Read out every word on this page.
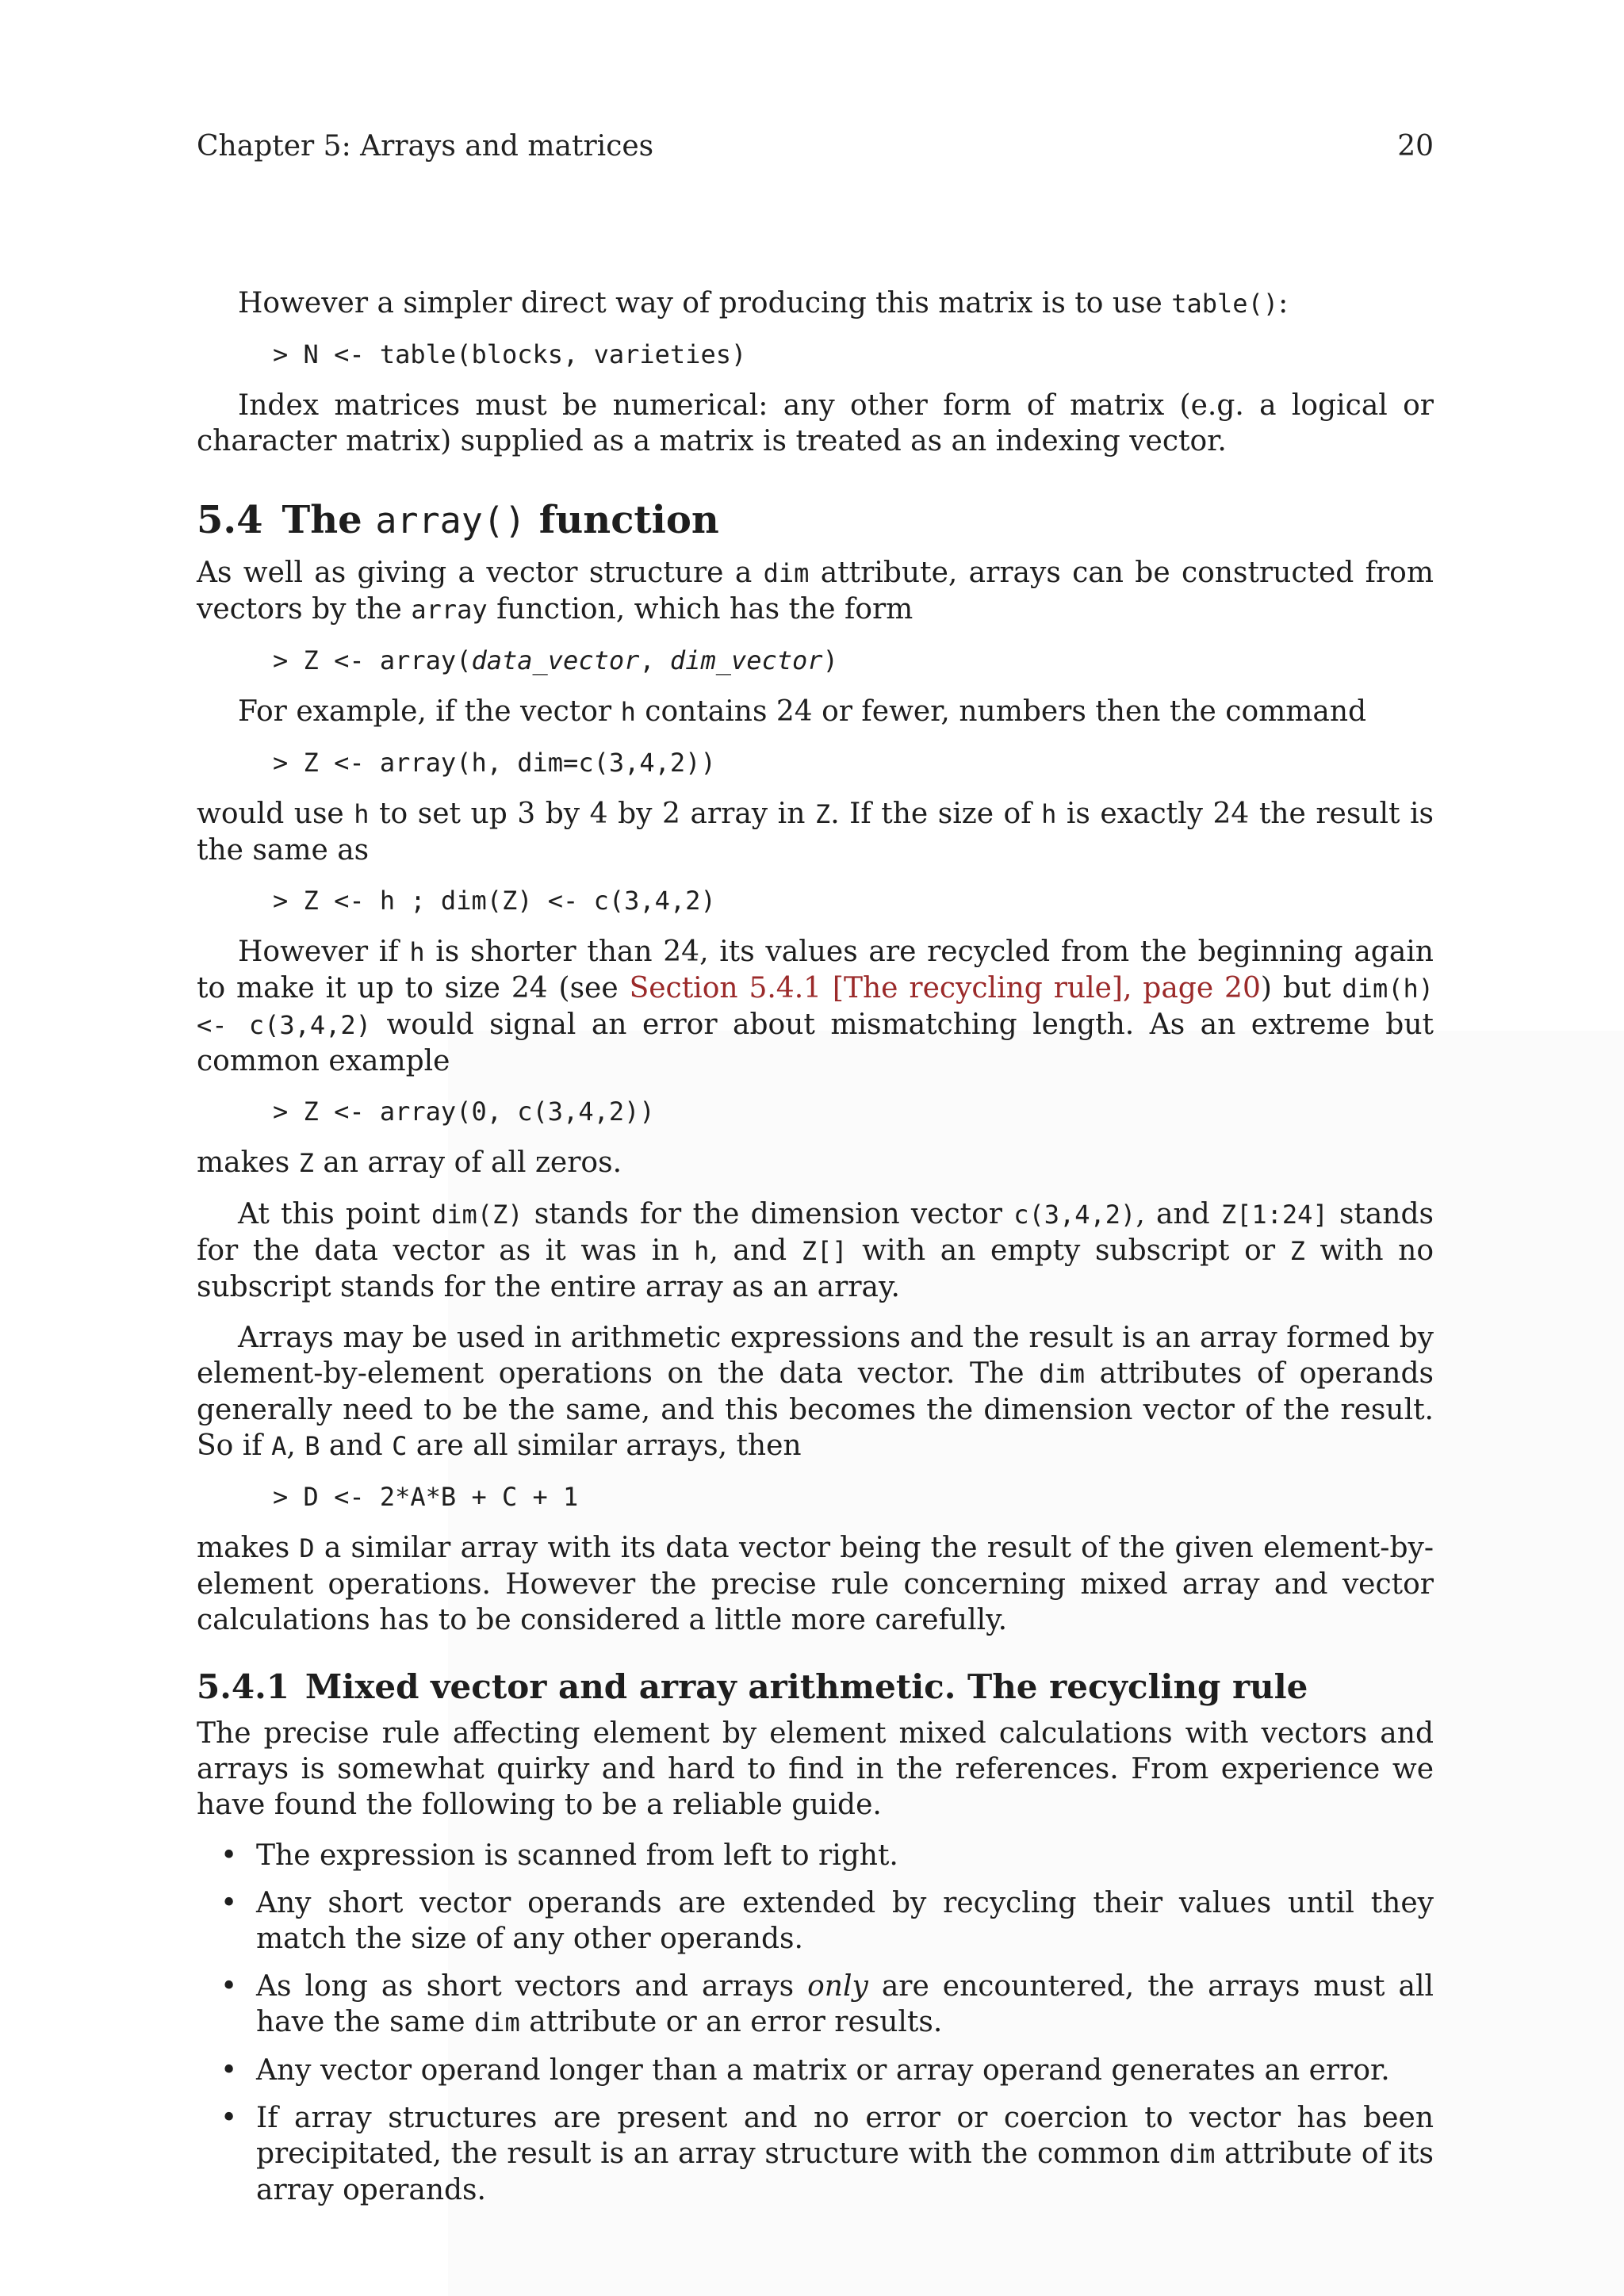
Chapter 5: Arrays and matrices	20

However a simpler direct way of producing this matrix is to use table():

> N <- table(blocks, varieties)

Index matrices must be numerical: any other form of matrix (e.g. a logical or character matrix) supplied as a matrix is treated as an indexing vector.

5.4 The array() function

As well as giving a vector structure a dim attribute, arrays can be constructed from vectors by the array function, which has the form

> Z <- array(data_vector, dim_vector)

For example, if the vector h contains 24 or fewer, numbers then the command

> Z <- array(h, dim=c(3,4,2))

would use h to set up 3 by 4 by 2 array in Z. If the size of h is exactly 24 the result is the same as

> Z <- h ; dim(Z) <- c(3,4,2)

However if h is shorter than 24, its values are recycled from the beginning again to make it up to size 24 (see Section 5.4.1 [The recycling rule], page 20) but dim(h) <- c(3,4,2) would signal an error about mismatching length. As an extreme but common example

> Z <- array(0, c(3,4,2))

makes Z an array of all zeros.

At this point dim(Z) stands for the dimension vector c(3,4,2), and Z[1:24] stands for the data vector as it was in h, and Z[] with an empty subscript or Z with no subscript stands for the entire array as an array.

Arrays may be used in arithmetic expressions and the result is an array formed by element-by-element operations on the data vector. The dim attributes of operands generally need to be the same, and this becomes the dimension vector of the result. So if A, B and C are all similar arrays, then

> D <- 2*A*B + C + 1

makes D a similar array with its data vector being the result of the given element-by-element operations. However the precise rule concerning mixed array and vector calculations has to be considered a little more carefully.

5.4.1 Mixed vector and array arithmetic. The recycling rule

The precise rule affecting element by element mixed calculations with vectors and arrays is somewhat quirky and hard to find in the references. From experience we have found the following to be a reliable guide.

• The expression is scanned from left to right.
• Any short vector operands are extended by recycling their values until they match the size of any other operands.
• As long as short vectors and arrays only are encountered, the arrays must all have the same dim attribute or an error results.
• Any vector operand longer than a matrix or array operand generates an error.
• If array structures are present and no error or coercion to vector has been precipitated, the result is an array structure with the common dim attribute of its array operands.
